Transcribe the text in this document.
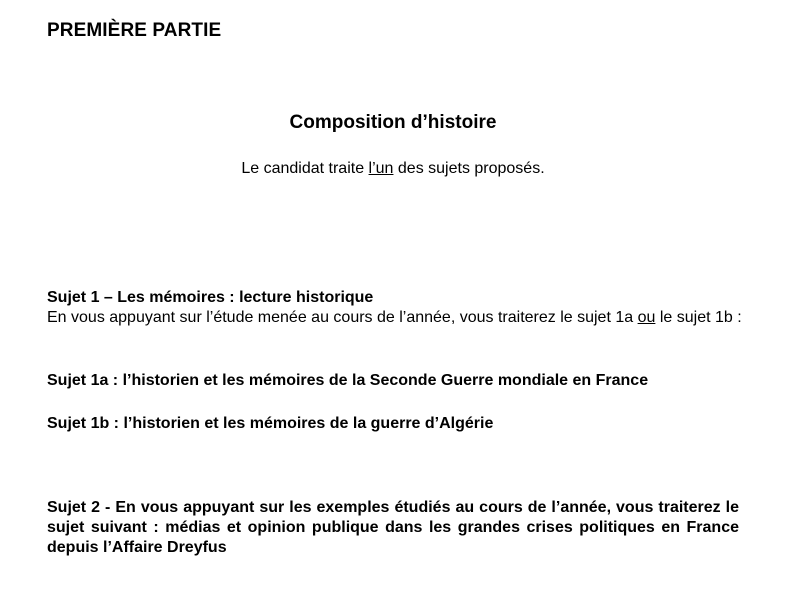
PREMIÈRE PARTIE
Composition d’histoire
Le candidat traite l’un des sujets proposés.
Sujet 1 – Les mémoires : lecture historique
En vous appuyant sur l’étude menée au cours de l’année, vous traiterez le sujet 1a ou le sujet 1b :
Sujet 1a : l’historien et les mémoires de la Seconde Guerre mondiale en France
Sujet 1b : l’historien et les mémoires de la guerre d’Algérie
Sujet 2 - En vous appuyant sur les exemples étudiés au cours de l’année, vous traiterez le sujet suivant : médias et opinion publique dans les grandes crises politiques en France depuis l’Affaire Dreyfus
